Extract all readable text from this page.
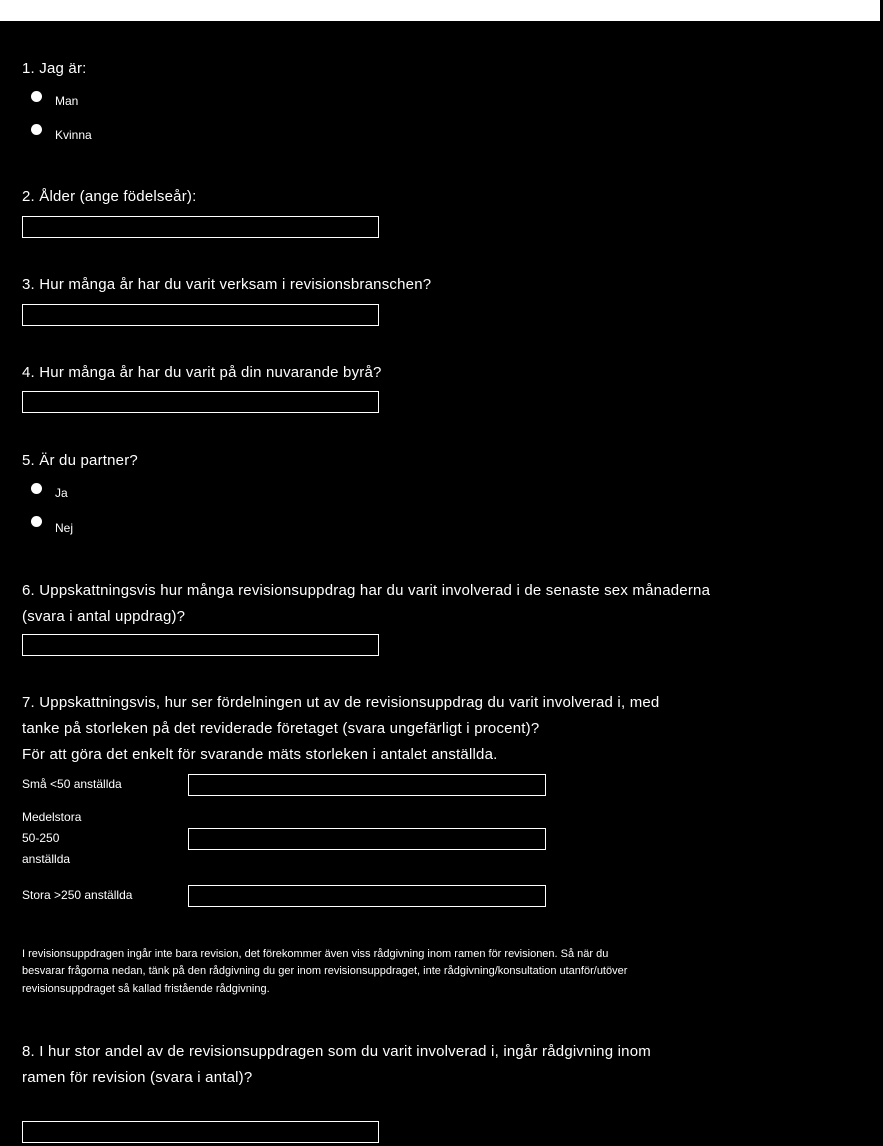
1. Jag är:
Man
Kvinna
2. Ålder (ange födelseår):
3. Hur många år har du varit verksam i revisionsbranschen?
4. Hur många år har du varit på din nuvarande byrå?
5. Är du partner?
Ja
Nej
6. Uppskattningsvis hur många revisionsuppdrag har du varit involverad i de senaste sex månaderna
(svara i antal uppdrag)?
7. Uppskattningsvis, hur ser fördelningen ut av de revisionsuppdrag du varit involverad i, med
tanke på storleken på det reviderade företaget (svara ungefärligt i procent)?
För att göra det enkelt för svarande mäts storleken i antalet anställda.
Små <50 anställda
Medelstora
50-250
anställda
Stora >250 anställda
I revisionsuppdragen ingår inte bara revision, det förekommer även viss rådgivning inom ramen för revisionen. Så när du
besvarar frågorna nedan, tänk på den rådgivning du ger inom revisionsuppdraget, inte rådgivning/konsultation utanför/utöver
revisionsuppdraget så kallad fristående rådgivning.
8. I hur stor andel av de revisionsuppdragen som du varit involverad i, ingår rådgivning inom
ramen för revision (svara i antal)?
